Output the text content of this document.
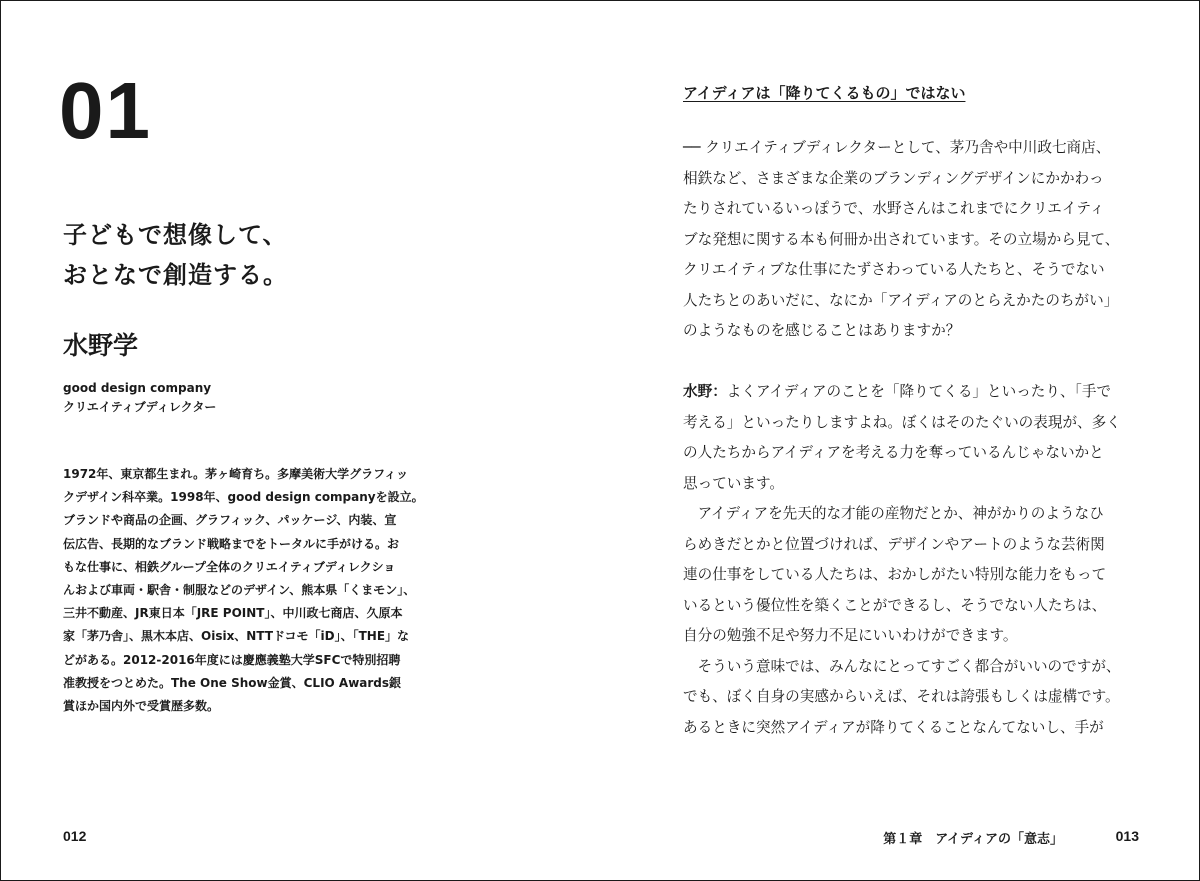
01
子どもで想像して、
おとなで創造する。
水野学
good design company
クリエイティブディレクター
1972年、東京都生まれ。茅ヶ崎育ち。多摩美術大学グラフィッ
クデザイン科卒業。1998年、good design companyを設立。
ブランドや商品の企画、グラフィック、パッケージ、内装、宣
伝広告、長期的なブランド戦略までをトータルに手がける。お
もな仕事に、相鉄グループ全体のクリエイティブディレクショ
んおよび車両・駅舎・制服などのデザイン、熊本県「くまモン」、
三井不動産、JR東日本「JRE POINT」、中川政七商店、久原本
家「茅乃舎」、黒木本店、Oisix、NTTドコモ「iD」、「THE」な
どがある。2012-2016年度には慶應義塾大学SFCで特別招聘
准教授をつとめた。The One Show金賞、CLIO Awards銀
賞ほか国内外で受賞歴多数。
012
アイディアは「降りてくるもの」ではない
── クリエイティブディレクターとして、茅乃舎や中川政七商店、
相鉄など、さまざまな企業のブランディングデザインにかかわっ
たりされているいっぽうで、水野さんはこれまでにクリエイティ
ブな発想に関する本も何冊か出されています。その立場から見て、
クリエイティブな仕事にたずさわっている人たちと、そうでない
人たちとのあいだに、なにか「アイディアのとらえかたのちがい」
のようなものを感じることはありますか？
水野：よくアイディアのことを「降りてくる」といったり、「手で
考える」といったりしますよね。ぼくはそのたぐいの表現が、多く
の人たちからアイディアを考える力を奪っているんじゃないかと
思っています。
　アイディアを先天的な才能の産物だとか、神がかりのようなひ
らめきだとかと位置づければ、デザインやアートのような芸術関
連の仕事をしている人たちは、おかしがたい特別な能力をもって
いるという優位性を築くことができるし、そうでない人たちは、
自分の勉強不足や努力不足にいいわけができます。
　そういう意味では、みんなにとってすごく都合がいいのですが、
でも、ぼく自身の実感からいえば、それは誇張もしくは虚構です。
あるときに突然アイディアが降りてくることなんてないし、手が
第１章　アイディアの「意志」	013
